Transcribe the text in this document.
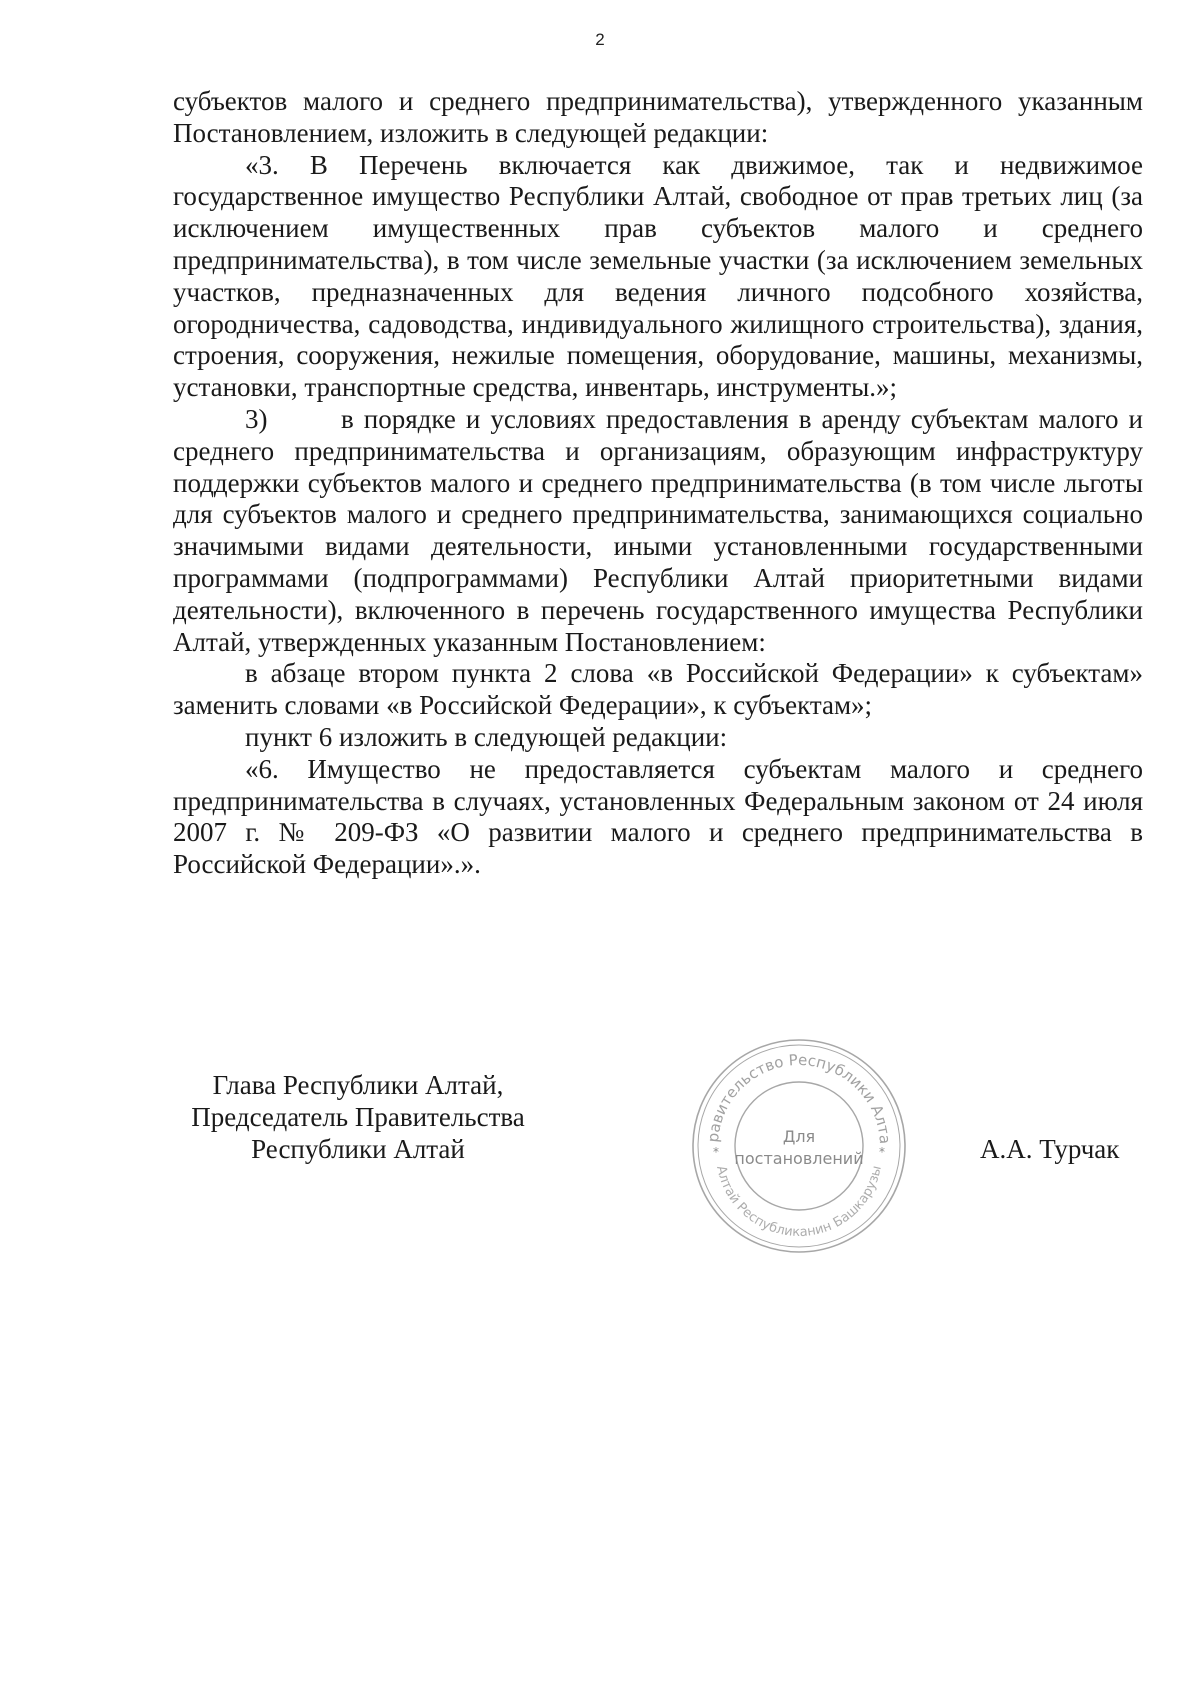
2

субъектов малого и среднего предпринимательства), утвержденного указанным Постановлением, изложить в следующей редакции:

«3. В Перечень включается как движимое, так и недвижимое государственное имущество Республики Алтай, свободное от прав третьих лиц (за исключением имущественных прав субъектов малого и среднего предпринимательства), в том числе земельные участки (за исключением земельных участков, предназначенных для ведения личного подсобного хозяйства, огородничества, садоводства, индивидуального жилищного строительства), здания, строения, сооружения, нежилые помещения, оборудование, машины, механизмы, установки, транспортные средства, инвентарь, инструменты.»;

3)	в порядке и условиях предоставления в аренду субъектам малого и среднего предпринимательства и организациям, образующим инфраструктуру поддержки субъектов малого и среднего предпринимательства (в том числе льготы для субъектов малого и среднего предпринимательства, занимающихся социально значимыми видами деятельности, иными установленными государственными программами (подпрограммами) Республики Алтай приоритетными видами деятельности), включенного в перечень государственного имущества Республики Алтай, утвержденных указанным Постановлением:

в абзаце втором пункта 2 слова «в Российской Федерации» к субъектам» заменить словами «в Российской Федерации», к субъектам»;

пункт 6 изложить в следующей редакции:

«6. Имущество не предоставляется субъектам малого и среднего предпринимательства в случаях, установленных Федеральным законом от 24 июля 2007 г. № 209-ФЗ «О развитии малого и среднего предпринимательства в Российской Федерации».».

Глава Республики Алтай,
Председатель Правительства
Республики Алтай	равительство Республики Алта
Алтай Республиканин Башкарузы
*	*
Для
постановлений	А.А. Турчак
